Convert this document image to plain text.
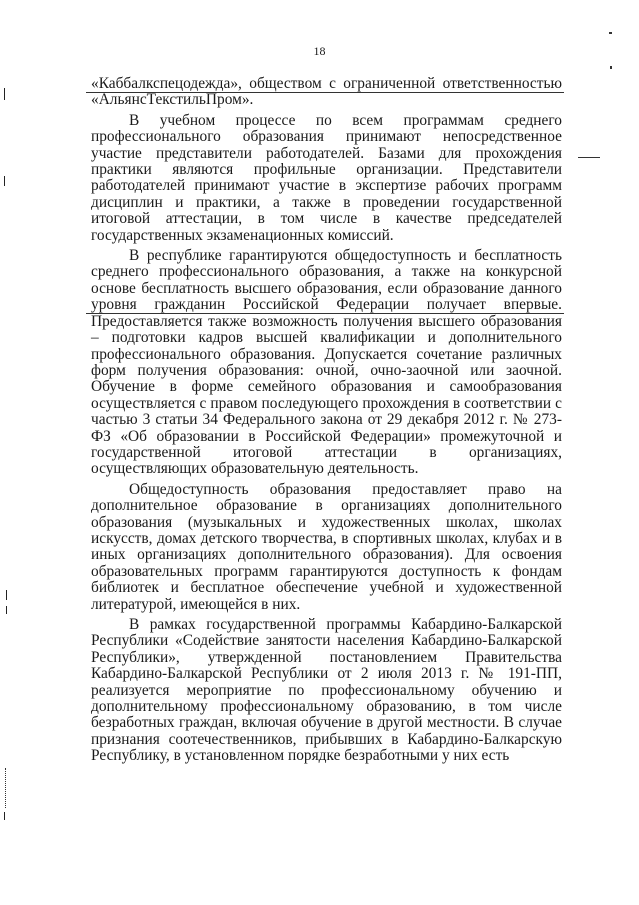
18

«Каббалкспецодежда», обществом с ограниченной ответственностью «АльянсТекстильПром».

В учебном процессе по всем программам среднего профессионального образования принимают непосредственное участие представители работодателей. Базами для прохождения практики являются профильные организации. Представители работодателей принимают участие в экспертизе рабочих программ дисциплин и практики, а также в проведении государственной итоговой аттестации, в том числе в качестве председателей государственных экзаменационных комиссий.

В республике гарантируются общедоступность и бесплатность среднего профессионального образования, а также на конкурсной основе бесплатность высшего образования, если образование данного уровня гражданин Российской Федерации получает впервые. Предоставляется также возможность получения высшего образования – подготовки кадров высшей квалификации и дополнительного профессионального образования. Допускается сочетание различных форм получения образования: очной, очно-заочной или заочной. Обучение в форме семейного образования и самообразования осуществляется с правом последующего прохождения в соответствии с частью 3 статьи 34 Федерального закона от 29 декабря 2012 г. № 273-ФЗ «Об образовании в Российской Федерации» промежуточной и государственной итоговой аттестации в организациях, осуществляющих образовательную деятельность.

Общедоступность образования предоставляет право на дополнительное образование в организациях дополнительного образования (музыкальных и художественных школах, школах искусств, домах детского творчества, в спортивных школах, клубах и в иных организациях дополнительного образования). Для освоения образовательных программ гарантируются доступность к фондам библиотек и бесплатное обеспечение учебной и художественной литературой, имеющейся в них.

В рамках государственной программы Кабардино-Балкарской Республики «Содействие занятости населения Кабардино-Балкарской Республики», утвержденной постановлением Правительства Кабардино-Балкарской Республики от 2 июля 2013 г. № 191-ПП, реализуется мероприятие по профессиональному обучению и дополнительному профессиональному образованию, в том числе безработных граждан, включая обучение в другой местности. В случае признания соотечественников, прибывших в Кабардино-Балкарскую Республику, в установленном порядке безработными у них есть
